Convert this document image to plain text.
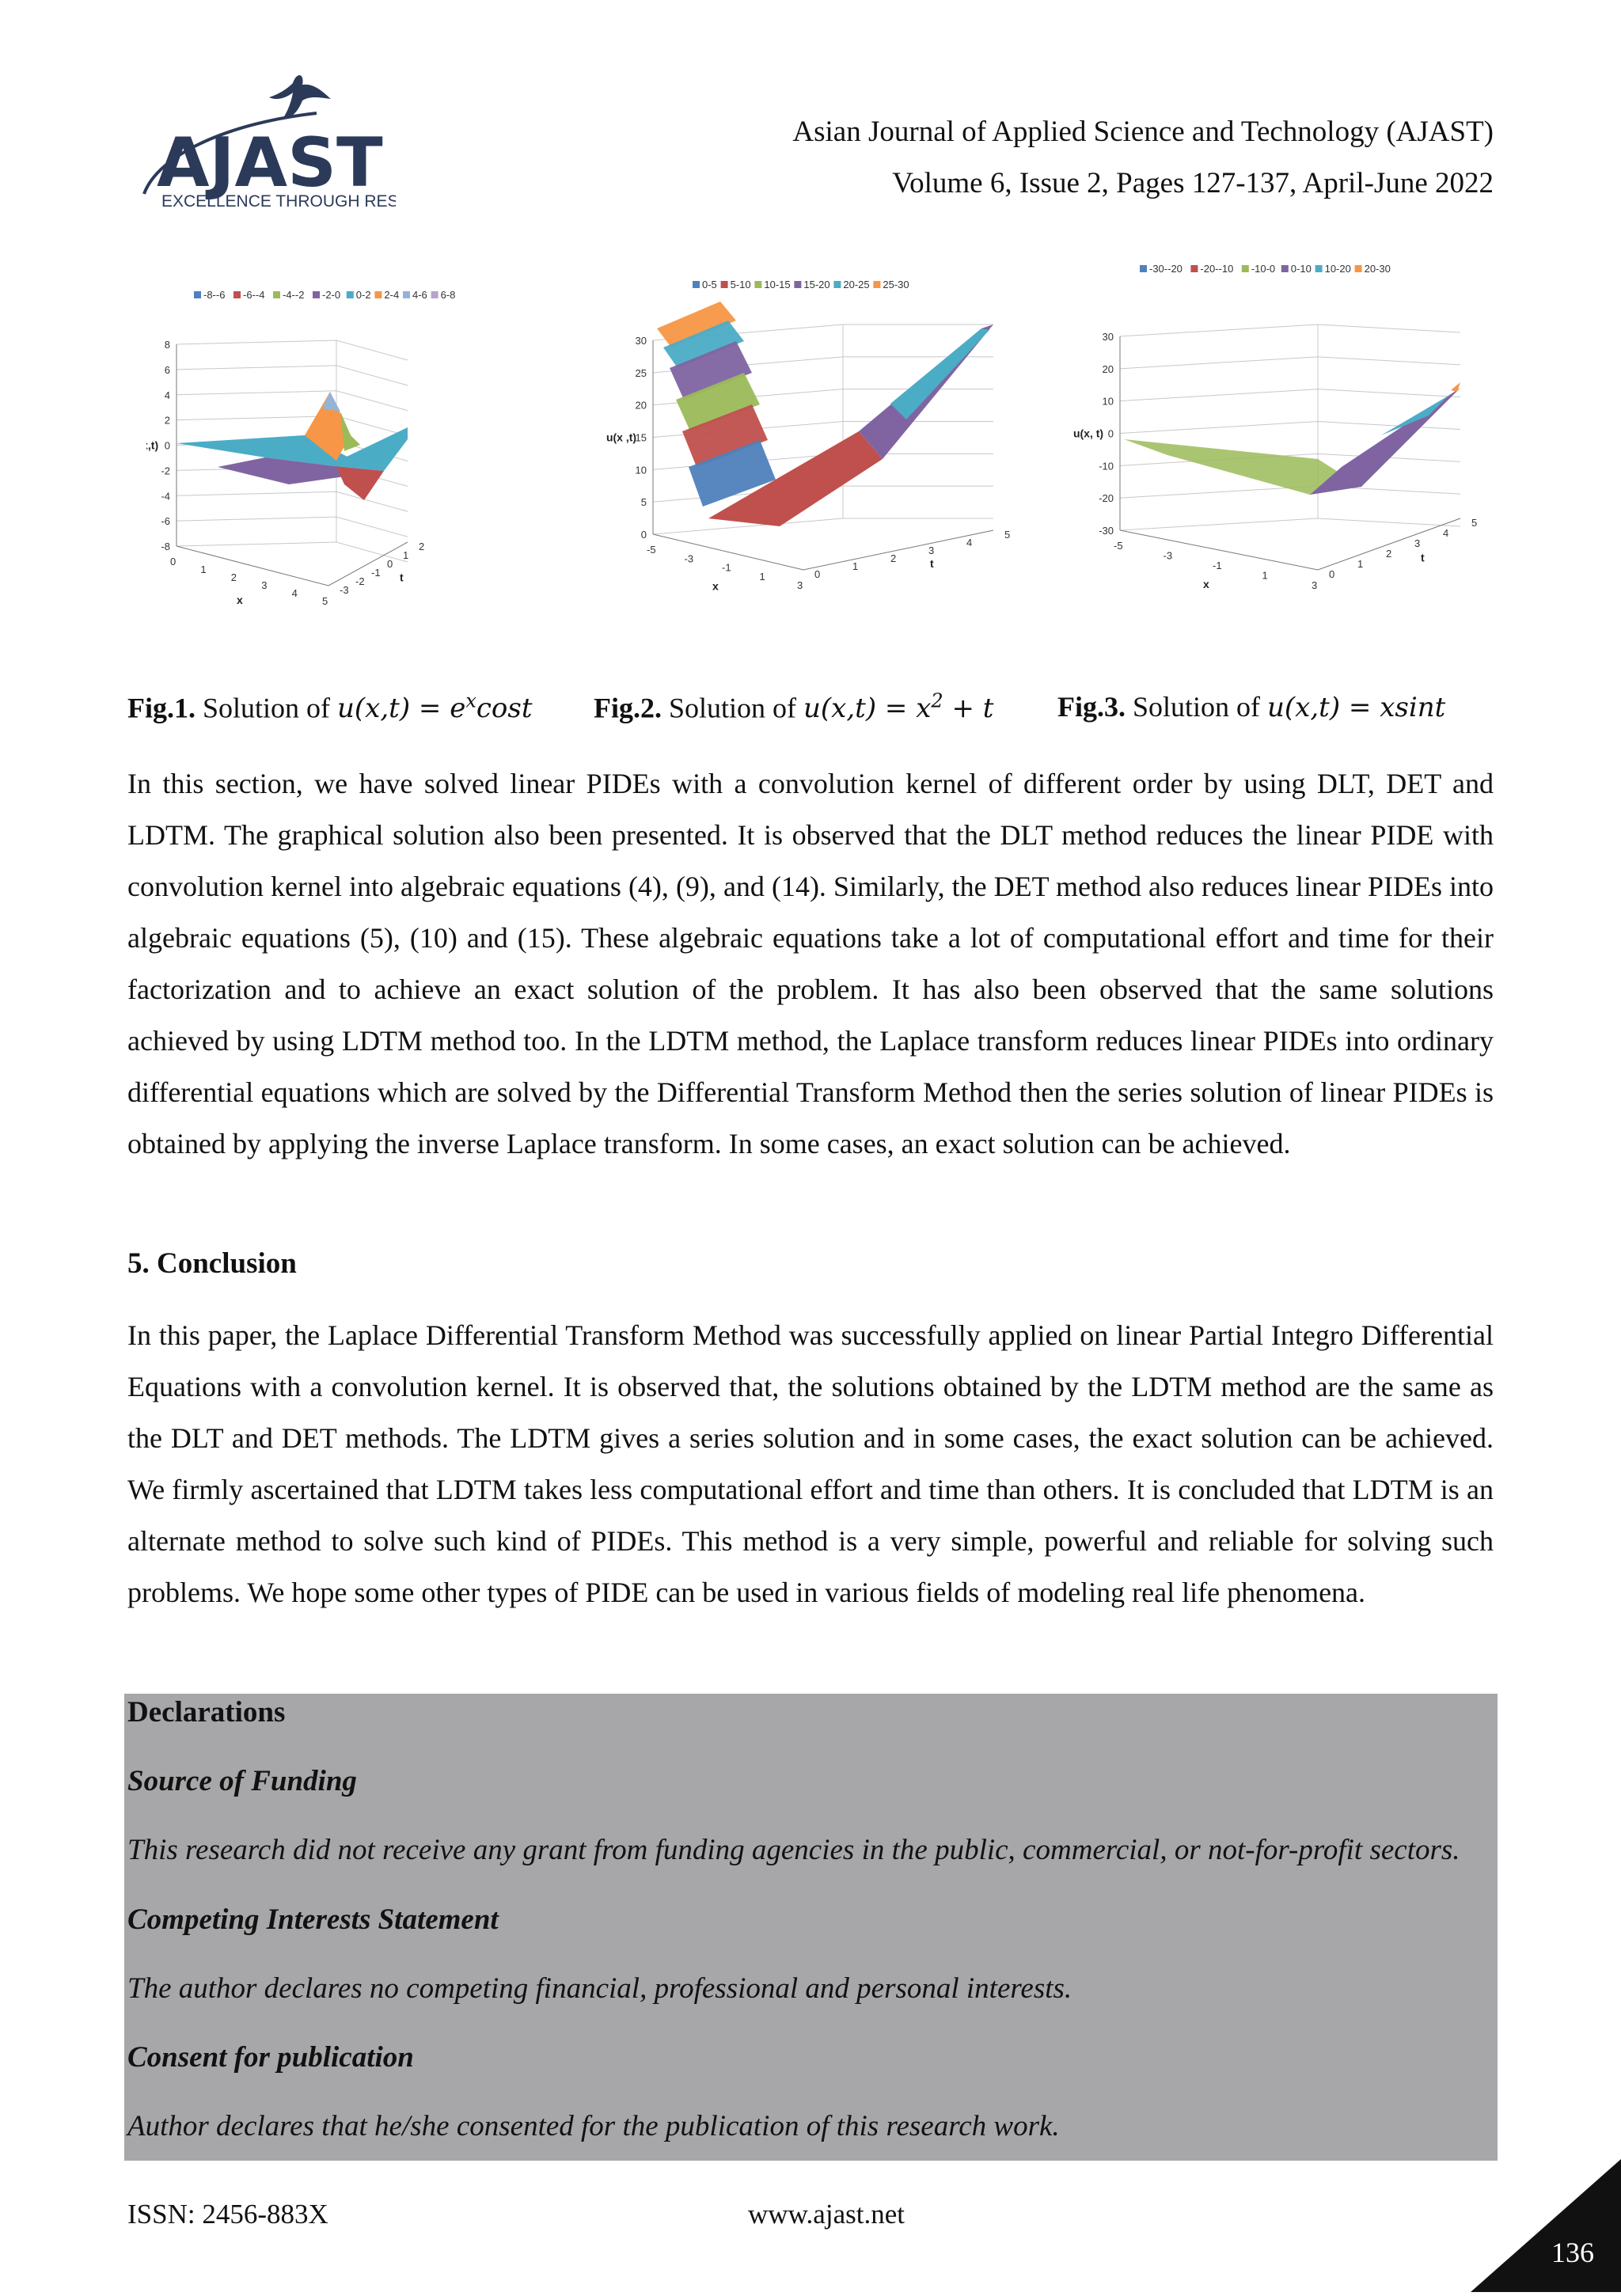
AJAST
EXCELLENCE THROUGH RES
Asian Journal of Applied Science and Technology (AJAST)
Volume 6, Issue 2, Pages 127-137, April-June 2022
-8--6 -6--4 -4--2 -2-0 0-2 2-4 4-6 6-8
8
6
4
2
0
-2
-4
-6
-8
,t)
0
1
2
3
4
5
x
-3
-2
-1
0
1
2
t
0-5 5-10 10-15 15-20 20-25 25-30
30
25
20
15
10
5
0
u(x ,t)
-5
-3
-1
1
3
x
0
1
2
3
4
5
t
-30--20 -20--10 -10-0 0-10 10-20 20-30
30
20
10
0
-10
-20
-30
u(x, t)
-5
-3
-1
1
3
x
0
1
2
3
4
5
t
Fig.1. Solution of $u(x,t) = e^x\cos t$ Fig.2. Solution of $u(x,t) = x^2 + t$ Fig.3. Solution of u(x,t) = xsint
In this section, we have solved linear PIDEs with a convolution kernel of different order by using DLT, DET and LDTM. The graphical solution also been presented. It is observed that the DLT method reduces the linear PIDE with convolution kernel into algebraic equations (4), (9), and (14). Similarly, the DET method also reduces linear PIDEs into algebraic equations (5), (10) and (15). These algebraic equations take a lot of computational effort and time for their factorization and to achieve an exact solution of the problem. It has also been observed that the same solutions achieved by using LDTM method too. In the LDTM method, the Laplace transform reduces linear PIDEs into ordinary differential equations which are solved by the Differential Transform Method then the series solution of linear PIDEs is obtained by applying the inverse Laplace transform. In some cases, an exact solution can be achieved.
5. Conclusion
In this paper, the Laplace Differential Transform Method was successfully applied on linear Partial Integro Differential Equations with a convolution kernel. It is observed that, the solutions obtained by the LDTM method are the same as the DLT and DET methods. The LDTM gives a series solution and in some cases, the exact solution can be achieved. We firmly ascertained that LDTM takes less computational effort and time than others. It is concluded that LDTM is an alternate method to solve such kind of PIDEs. This method is a very simple, powerful and reliable for solving such problems. We hope some other types of PIDE can be used in various fields of modeling real life phenomena.
Declarations
Source of Funding
This research did not receive any grant from funding agencies in the public, commercial, or not-for-profit sectors.
Competing Interests Statement
The author declares no competing financial, professional and personal interests.
Consent for publication
Author declares that he/she consented for the publication of this research work.
ISSN: 2456-883X	www.ajast.net
136
